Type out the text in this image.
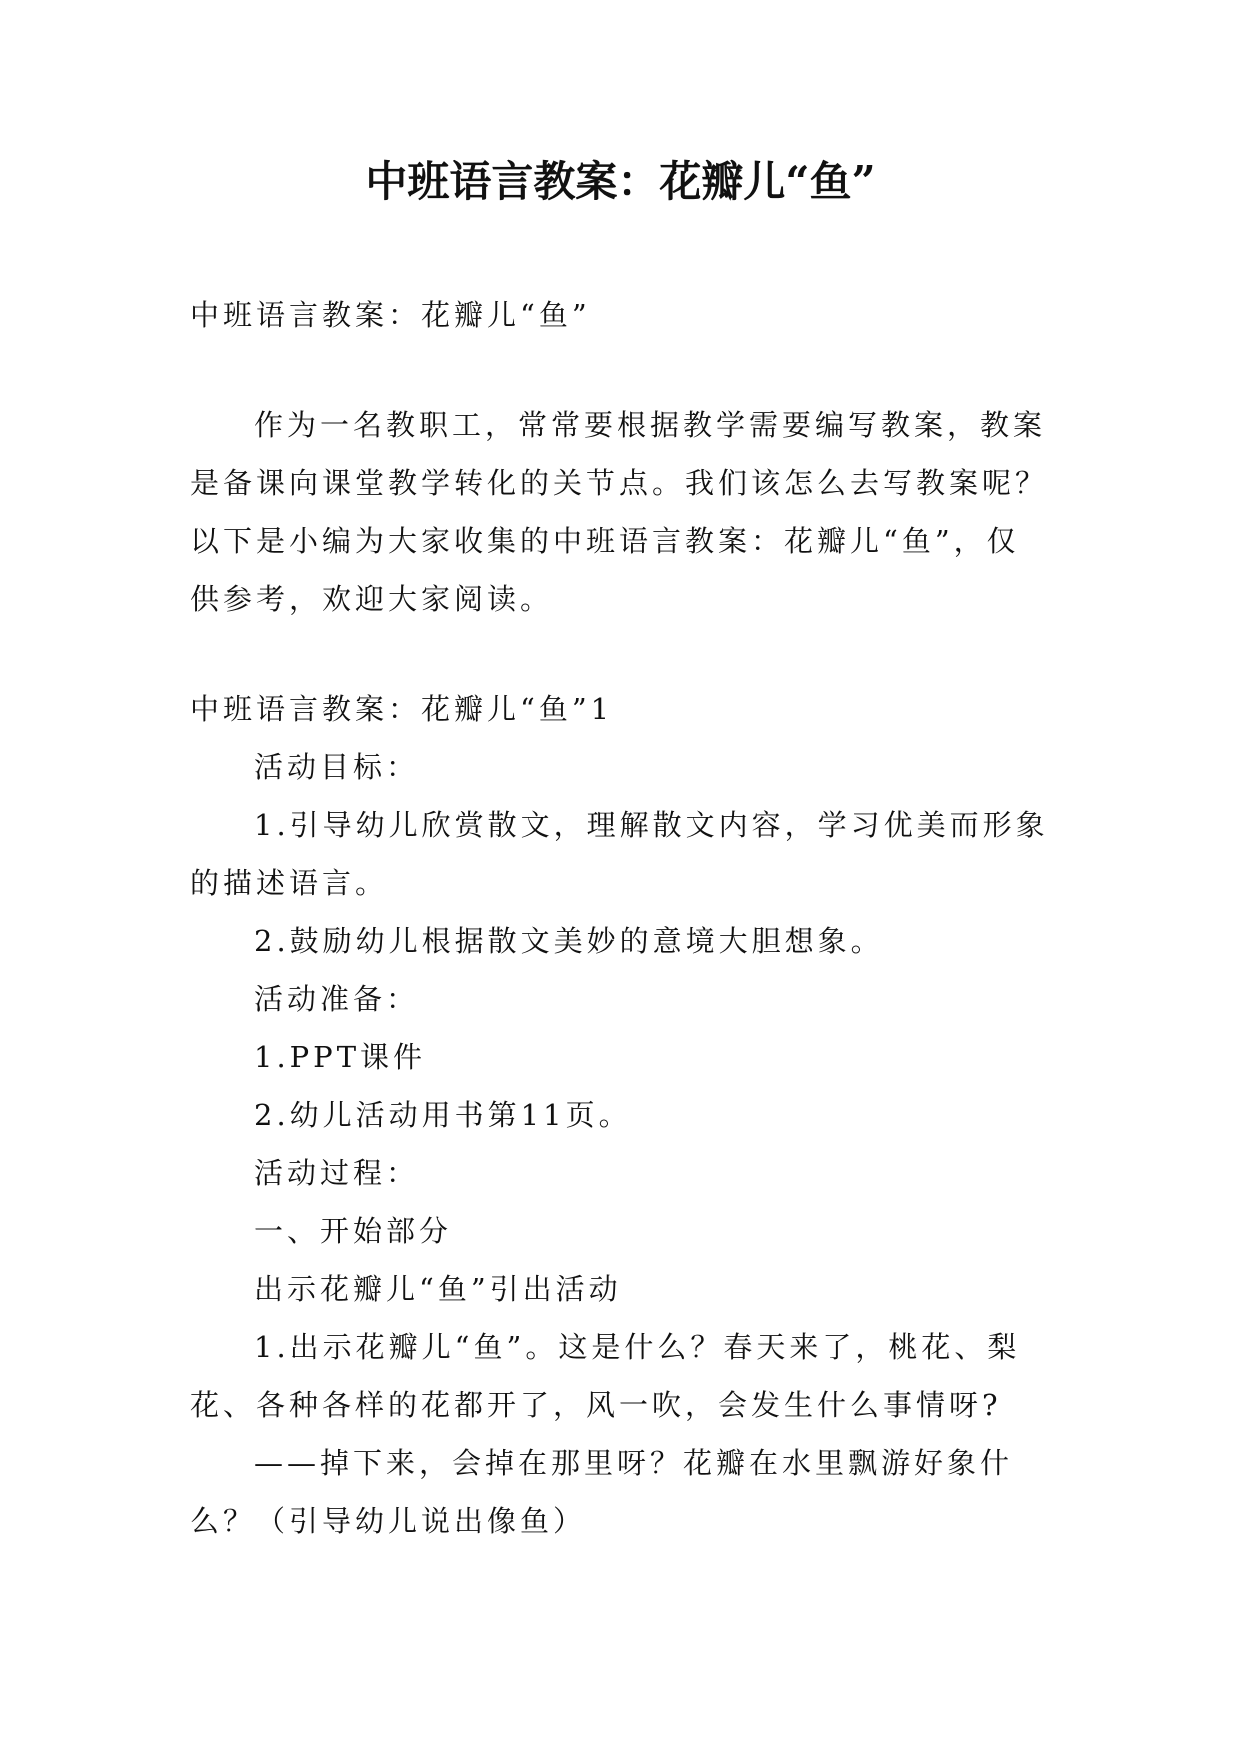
中班语言教案：花瓣儿“鱼”

中班语言教案：花瓣儿“鱼”

作为一名教职工，常常要根据教学需要编写教案，教案是备课向课堂教学转化的关节点。我们该怎么去写教案呢？以下是小编为大家收集的中班语言教案：花瓣儿“鱼”，仅供参考，欢迎大家阅读。

中班语言教案：花瓣儿“鱼”1

活动目标：

1.引导幼儿欣赏散文，理解散文内容，学习优美而形象的描述语言。

2.鼓励幼儿根据散文美妙的意境大胆想象。

活动准备：

1.PPT课件

2.幼儿活动用书第11页。

活动过程：

一、开始部分

出示花瓣儿“鱼”引出活动

1.出示花瓣儿“鱼”。这是什么？春天来了，桃花、梨花、各种各样的花都开了，风一吹，会发生什么事情呀?

——掉下来，会掉在那里呀？花瓣在水里飘游好象什么？（引导幼儿说出像鱼）
